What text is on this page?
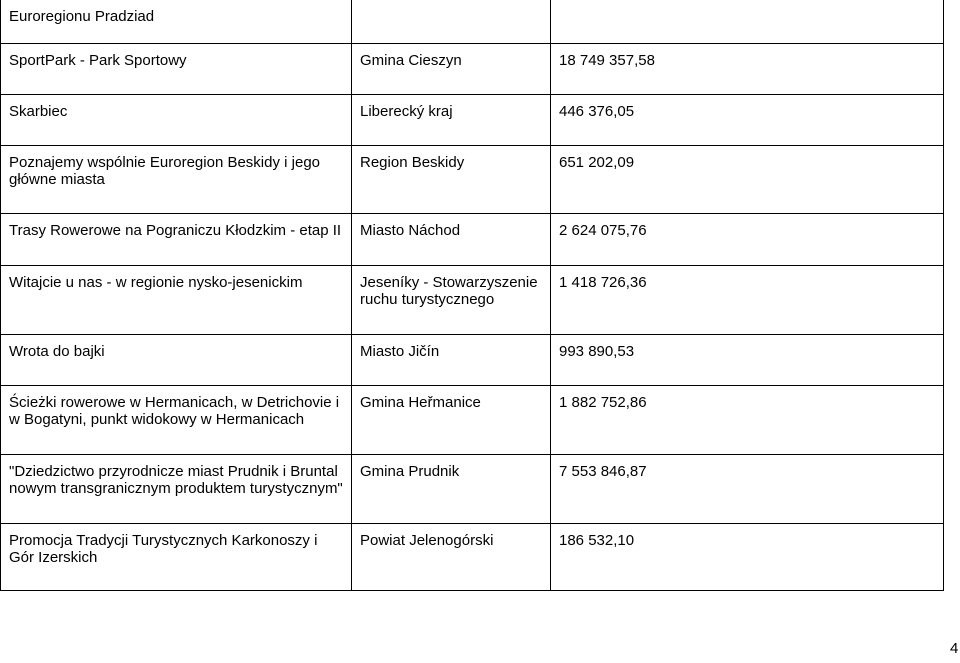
Euroregionu Pradziad		
SportPark - Park Sportowy	Gmina Cieszyn	18 749 357,58
Skarbiec	Liberecký kraj	446 376,05
Poznajemy wspólnie Euroregion Beskidy i jego główne miasta	Region Beskidy	651 202,09
Trasy Rowerowe na Pograniczu Kłodzkim - etap II	Miasto Náchod	2 624 075,76
Witajcie u nas - w regionie nysko-jesenickim	Jeseníky - Stowarzyszenie ruchu turystycznego	1 418 726,36
Wrota do bajki	Miasto Jičín	993 890,53
Ścieżki rowerowe w Hermanicach, w Detrichovie i w Bogatyni, punkt widokowy w Hermanicach	Gmina Heřmanice	1 882 752,86
"Dziedzictwo przyrodnicze miast Prudnik i Bruntal nowym transgranicznym produktem turystycznym"	Gmina Prudnik	7 553 846,87
Promocja Tradycji Turystycznych Karkonoszy i Gór Izerskich	Powiat Jelenogórski	186 532,10
4
